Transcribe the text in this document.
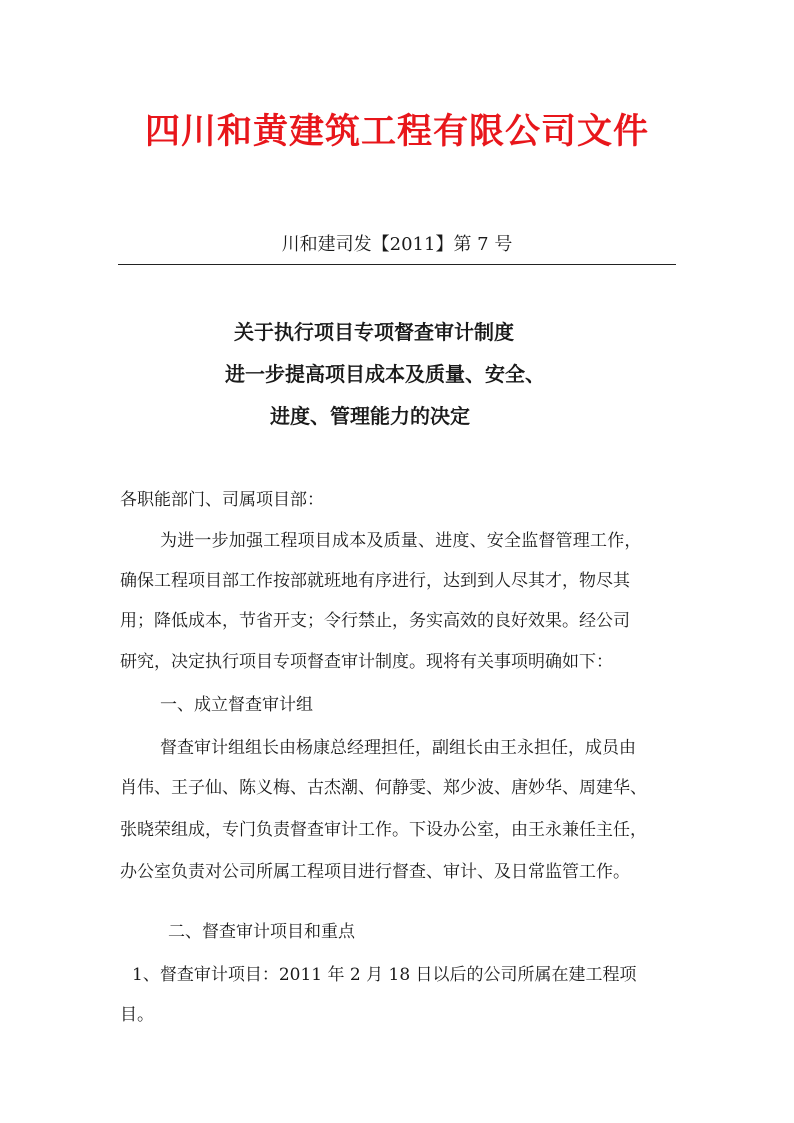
四川和黄建筑工程有限公司文件
川和建司发【2011】第 7 号
关于执行项目专项督查审计制度
进一步提高项目成本及质量、安全、
进度、管理能力的决定
各职能部门、司属项目部：
为进一步加强工程项目成本及质量、进度、安全监督管理工作，
确保工程项目部工作按部就班地有序进行，达到到人尽其才，物尽其
用；降低成本，节省开支；令行禁止，务实高效的良好效果。经公司
研究，决定执行项目专项督查审计制度。现将有关事项明确如下：
一、成立督查审计组
督查审计组组长由杨康总经理担任，副组长由王永担任，成员由
肖伟、王子仙、陈义梅、古杰潮、何静雯、郑少波、唐妙华、周建华、
张晓荣组成，专门负责督查审计工作。下设办公室，由王永兼任主任，
办公室负责对公司所属工程项目进行督查、审计、及日常监管工作。
二、督查审计项目和重点
1、督查审计项目：2011 年 2 月 18 日以后的公司所属在建工程项
目。
